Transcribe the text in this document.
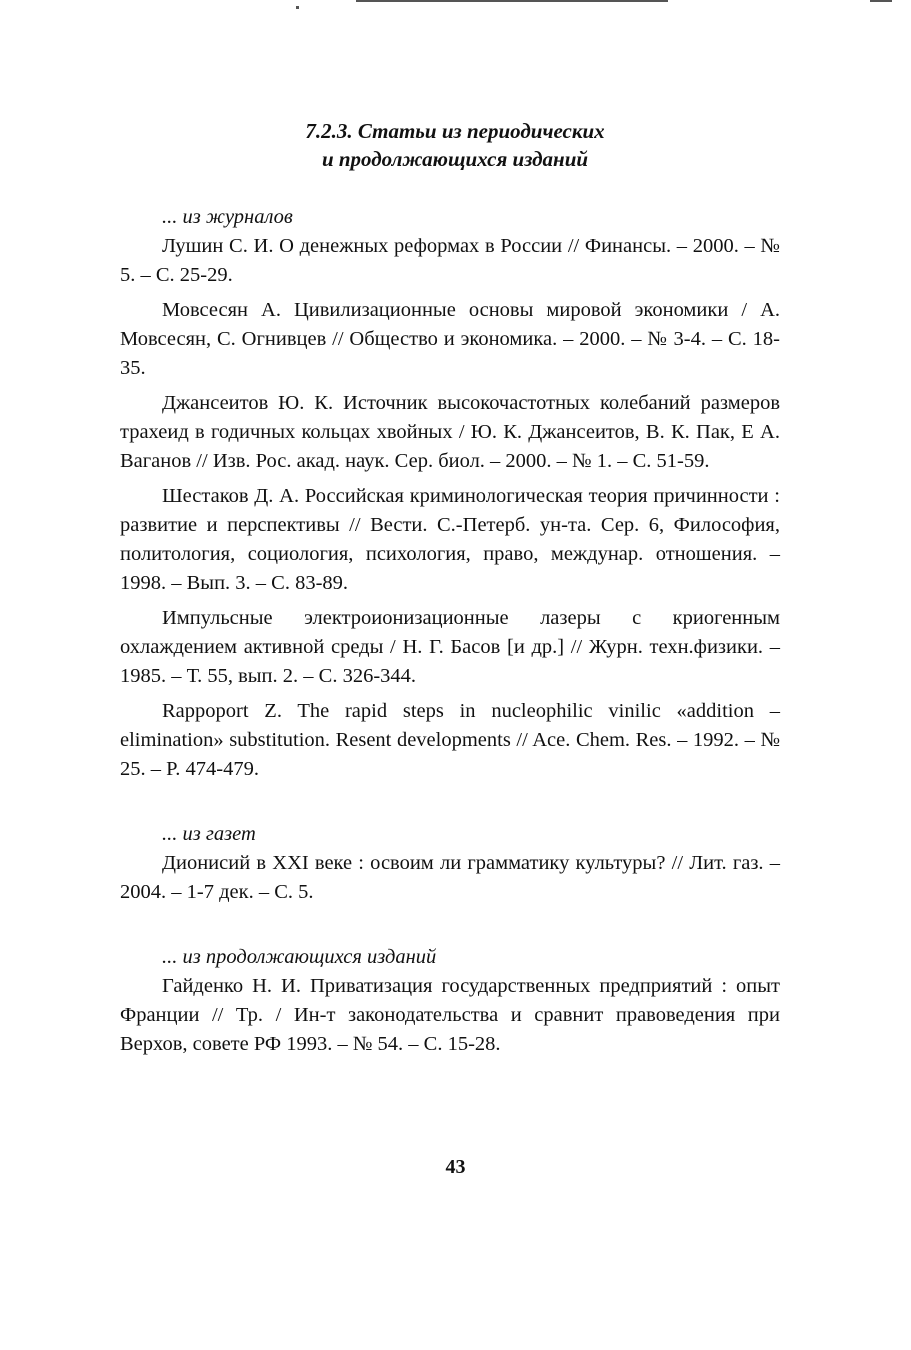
7.2.3. Статьи из периодических
и продолжающихся изданий
... из журналов

Лушин С. И. О денежных реформах в России // Финансы. – 2000. – № 5. – С. 25-29.

Мовсесян А. Цивилизационные основы мировой экономики / А. Мовсесян, С. Огнивцев // Общество и экономика. – 2000. – № 3-4. – С. 18-35.

Джансеитов Ю. К. Источник высокочастотных колебаний размеров трахеид в годичных кольцах хвойных / Ю. К. Джансеитов, В. К. Пак, Е А. Ваганов // Изв. Рос. акад. наук. Сер. биол. – 2000. – № 1. – С. 51-59.

Шестаков Д. А. Российская криминологическая теория причинности : развитие и перспективы // Вести. С.-Петерб. ун-та. Сер. 6, Философия, политология, социология, психология, право, междунар. отношения. – 1998. – Вып. 3. – С. 83-89.

Импульсные электроионизационные лазеры с криогенным охлаждением активной среды / Н. Г. Басов [и др.] // Журн. техн.физики. – 1985. – Т. 55, вып. 2. – С. 326-344.

Rappoport Z. The rapid steps in nucleophilic vinilic «addition – elimination» substitution. Resent developments // Ace. Chem. Res. – 1992. – № 25. – P. 474-479.

... из газет

Дионисий в XXI веке : освоим ли грамматику культуры? // Лит. газ. – 2004. – 1-7 дек. – С. 5.

... из продолжающихся изданий

Гайденко Н. И. Приватизация государственных предприятий : опыт Франции // Тр. / Ин-т законодательства и сравнит правоведения при Верхов, совете РФ 1993. – № 54. – С. 15-28.

43
